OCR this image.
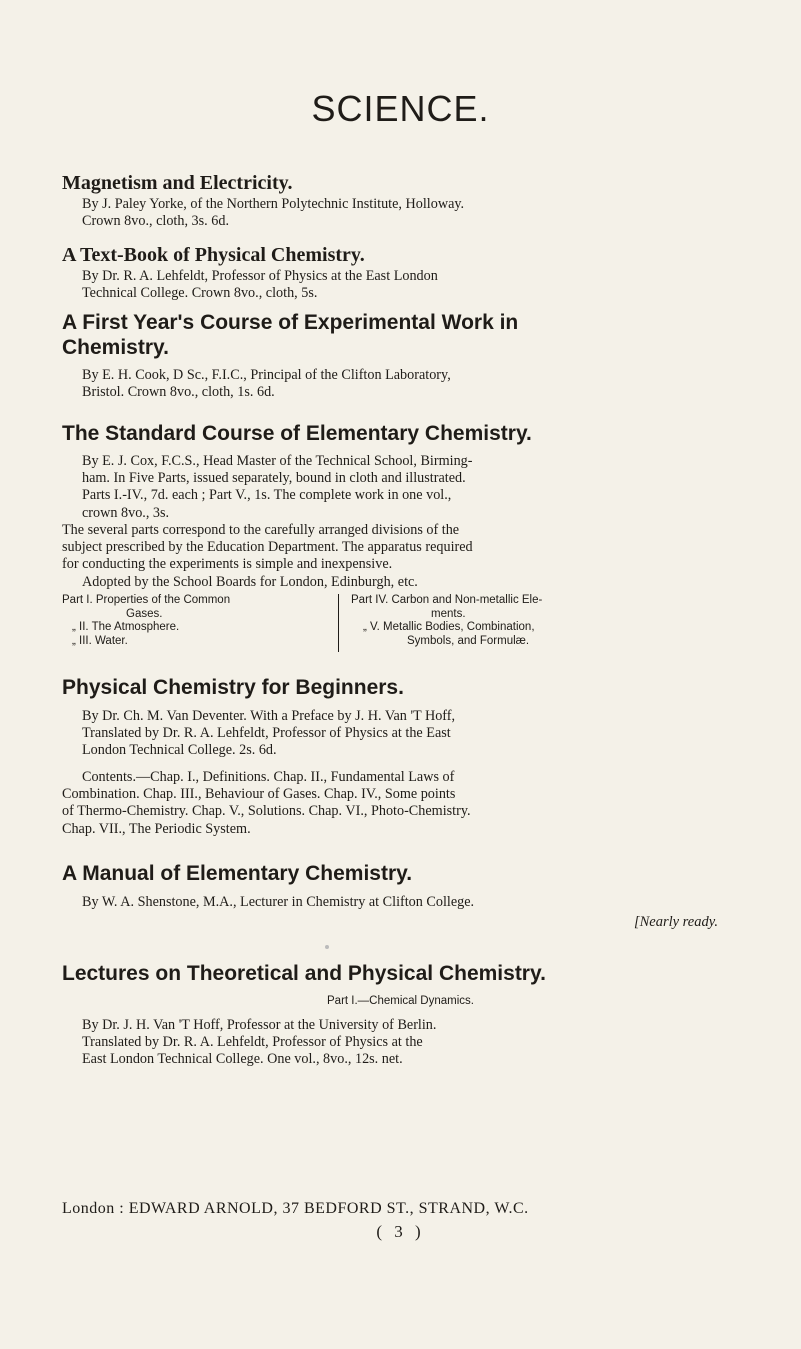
SCIENCE.
Magnetism and Electricity.
By J. Paley Yorke, of the Northern Polytechnic Institute, Holloway.
Crown 8vo., cloth, 3s. 6d.
A Text-Book of Physical Chemistry.
By Dr. R. A. Lehfeldt, Professor of Physics at the East London
Technical College. Crown 8vo., cloth, 5s.
A First Year's Course of Experimental Work in
Chemistry.
By E. H. Cook, D Sc., F.I.C., Principal of the Clifton Laboratory,
Bristol. Crown 8vo., cloth, 1s. 6d.
The Standard Course of Elementary Chemistry.
By E. J. Cox, F.C.S., Head Master of the Technical School, Birming-
ham. In Five Parts, issued separately, bound in cloth and illustrated.
Parts I.-IV., 7d. each ; Part V., 1s. The complete work in one vol.,
crown 8vo., 3s.
The several parts correspond to the carefully arranged divisions of the
subject prescribed by the Education Department. The apparatus required
for conducting the experiments is simple and inexpensive.
Adopted by the School Boards for London, Edinburgh, etc.
Part I. Properties of the Common
Gases.
„ II. The Atmosphere.
„ III. Water.
Part IV. Carbon and Non-metallic Ele-
ments.
„ V. Metallic Bodies, Combination,
Symbols, and Formulæ.
Physical Chemistry for Beginners.
By Dr. Ch. M. Van Deventer. With a Preface by J. H. Van 'T Hoff,
Translated by Dr. R. A. Lehfeldt, Professor of Physics at the East
London Technical College. 2s. 6d.
Contents.—Chap. I., Definitions. Chap. II., Fundamental Laws of
Combination. Chap. III., Behaviour of Gases. Chap. IV., Some points
of Thermo-Chemistry. Chap. V., Solutions. Chap. VI., Photo-Chemistry.
Chap. VII., The Periodic System.
A Manual of Elementary Chemistry.
By W. A. Shenstone, M.A., Lecturer in Chemistry at Clifton College.
[Nearly ready.
Lectures on Theoretical and Physical Chemistry.
Part I.—Chemical Dynamics.
By Dr. J. H. Van 'T Hoff, Professor at the University of Berlin.
Translated by Dr. R. A. Lehfeldt, Professor of Physics at the
East London Technical College. One vol., 8vo., 12s. net.
London : EDWARD ARNOLD, 37 BEDFORD ST., STRAND, W.C.
( 3 )
